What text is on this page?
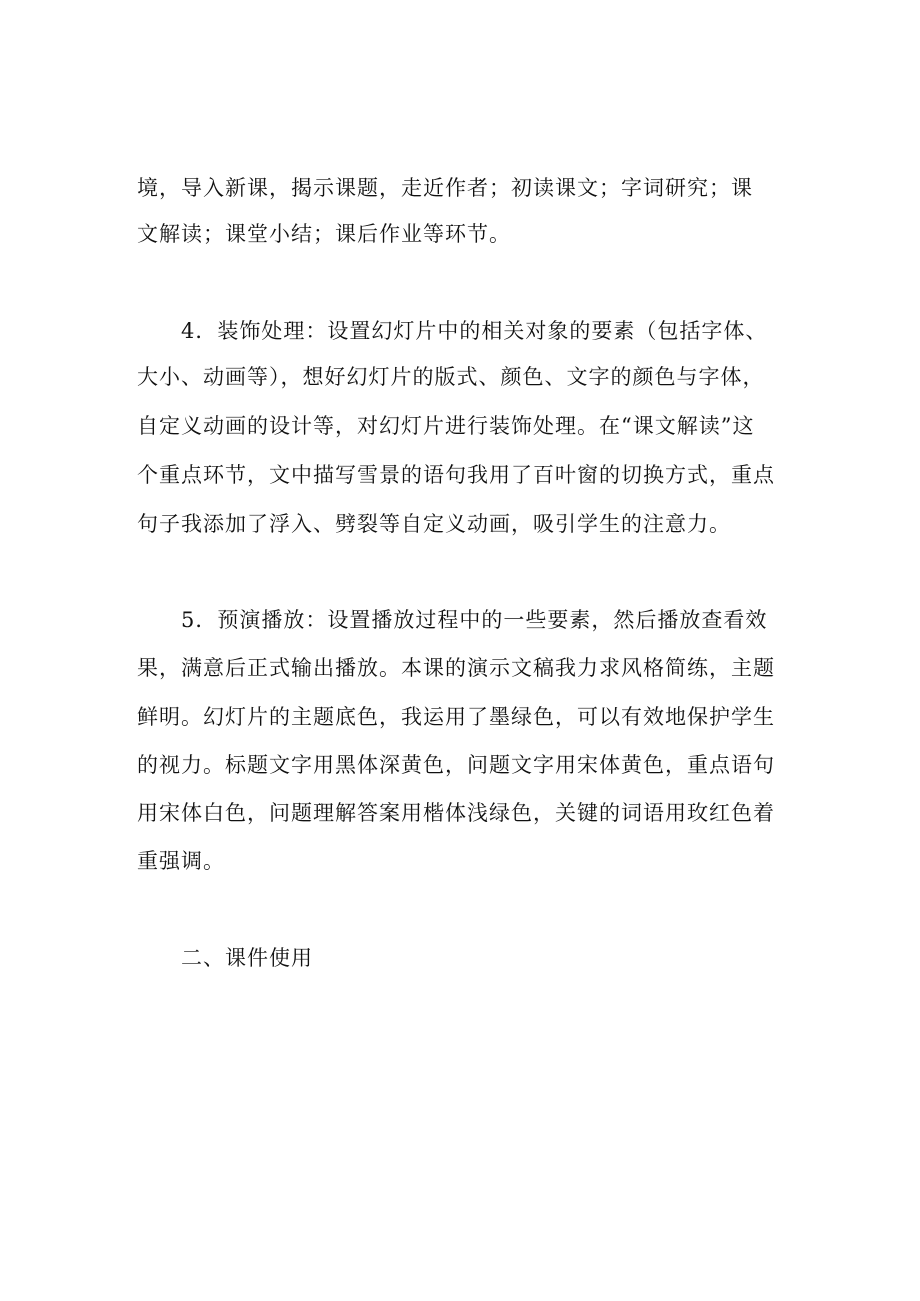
境，导入新课，揭示课题，走近作者；初读课文；字词研究；课
文解读；课堂小结；课后作业等环节。
4．装饰处理：设置幻灯片中的相关对象的要素（包括字体、
大小、动画等），想好幻灯片的版式、颜色、文字的颜色与字体，
自定义动画的设计等，对幻灯片进行装饰处理。在“课文解读”这
个重点环节，文中描写雪景的语句我用了百叶窗的切换方式，重点
句子我添加了浮入、劈裂等自定义动画，吸引学生的注意力。
5．预演播放：设置播放过程中的一些要素，然后播放查看效
果，满意后正式输出播放。本课的演示文稿我力求风格简练，主题
鲜明。幻灯片的主题底色，我运用了墨绿色，可以有效地保护学生
的视力。标题文字用黑体深黄色，问题文字用宋体黄色，重点语句
用宋体白色，问题理解答案用楷体浅绿色，关键的词语用玫红色着
重强调。
二、课件使用
